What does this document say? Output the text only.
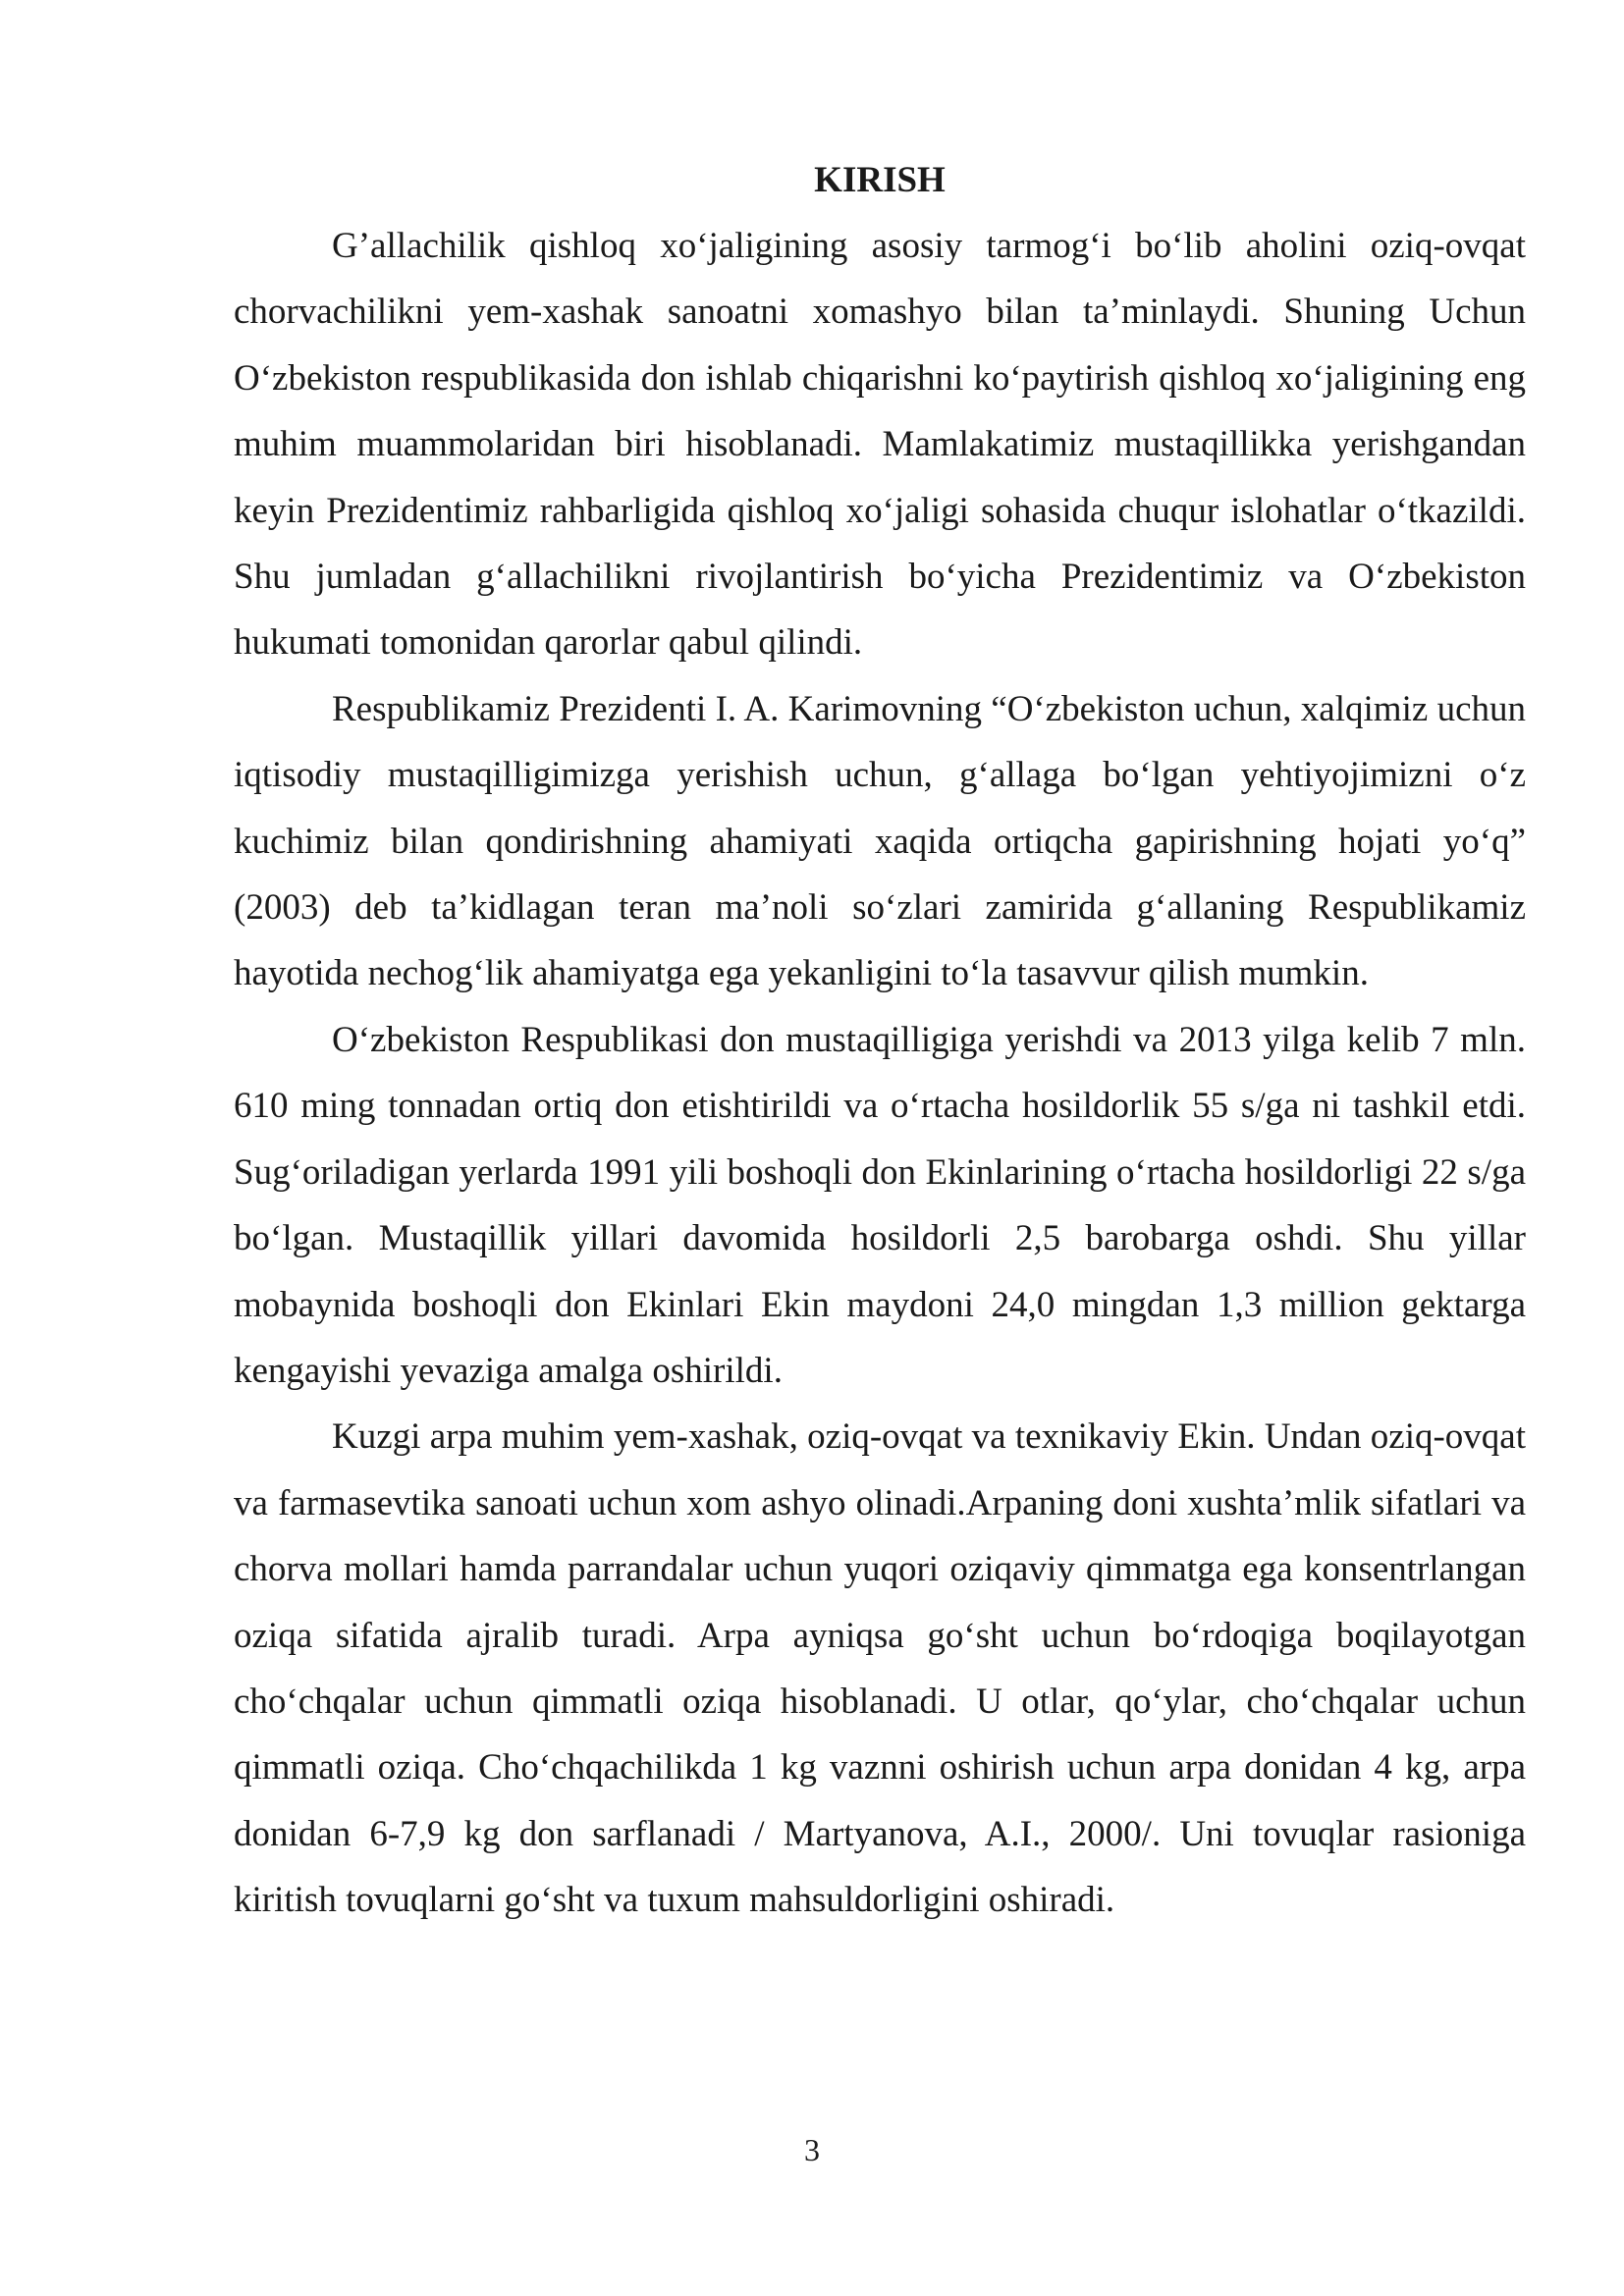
KIRISH

G’allachilik qishloq xo‘jaligining asosiy tarmog‘i bo‘lib aholini oziq-ovqat chorvachilikni yem-xashak sanoatni xomashyo bilan ta’minlaydi. Shuning Uchun O‘zbekiston respublikasida don ishlab chiqarishni ko‘paytirish qishloq xo‘jaligining eng muhim muammolaridan biri hisoblanadi. Mamlakatimiz mustaqillikka yerishgandan keyin Prezidentimiz rahbarligida qishloq xo‘jaligi sohasida chuqur islohatlar o‘tkazildi. Shu jumladan g‘allachilikni rivojlantirish bo‘yicha Prezidentimiz va O‘zbekiston hukumati tomonidan qarorlar qabul qilindi.

Respublikamiz Prezidenti I. A. Karimovning “O‘zbekiston uchun, xalqimiz uchun iqtisodiy mustaqilligimizga yerishish uchun, g‘allaga bo‘lgan yehtiyojimizni o‘z kuchimiz bilan qondirishning ahamiyati xaqida ortiqcha gapirishning hojati yo‘q” (2003) deb ta’kidlagan teran ma’noli so‘zlari zamirida g‘allaning Respublikamiz hayotida nechog‘lik ahamiyatga ega yekanligini to‘la tasavvur qilish mumkin.

O‘zbekiston Respublikasi don mustaqilligiga yerishdi va 2013 yilga kelib 7 mln. 610 ming tonnadan ortiq don etishtirildi va o‘rtacha hosildorlik 55 s/ga ni tashkil etdi. Sug‘oriladigan yerlarda 1991 yili boshoqli don Ekinlarining o‘rtacha hosildorligi 22 s/ga bo‘lgan. Mustaqillik yillari davomida hosildorli 2,5 barobarga oshdi. Shu yillar mobaynida boshoqli don Ekinlari Ekin maydoni 24,0 mingdan 1,3 million gektarga kengayishi yevaziga amalga oshirildi.

Kuzgi arpa muhim yem-xashak, oziq-ovqat va texnikaviy Ekin. Undan oziq-ovqat va farmasevtika sanoati uchun xom ashyo olinadi.Arpaning doni xushta’mlik sifatlari va chorva mollari hamda parrandalar uchun yuqori oziqaviy qimmatga ega konsentrlangan oziqa sifatida ajralib turadi. Arpa ayniqsa go‘sht uchun bo‘rdoqiga boqilayotgan cho‘chqalar uchun qimmatli oziqa hisoblanadi. U otlar, qo‘ylar, cho‘chqalar uchun qimmatli oziqa. Cho‘chqachilikda 1 kg vaznni oshirish uchun arpa donidan 4 kg, arpa donidan 6-7,9 kg don sarflanadi / Martyanova, A.I., 2000/. Uni tovuqlar rasioniga kiritish tovuqlarni go‘sht va tuxum mahsuldorligini oshiradi.

3
